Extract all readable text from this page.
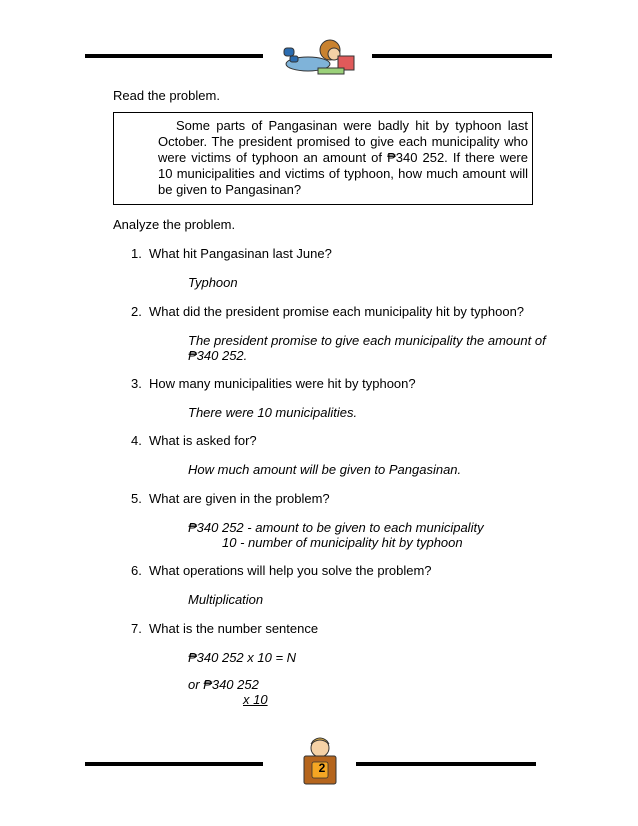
Read the problem.
Some parts of Pangasinan were badly hit by typhoon last October. The president promised to give each municipality who were victims of typhoon an amount of ₱340 252. If there were 10 municipalities and victims of typhoon, how much amount will be given to Pangasinan?
Analyze the problem.
1. What hit Pangasinan last June?
Typhoon
2. What did the president promise each municipality hit by typhoon?
The president promise to give each municipality the amount of
₱340 252.
3. How many municipalities were hit by typhoon?
There were 10 municipalities.
4. What is asked for?
How much amount will be given to Pangasinan.
5. What are given in the problem?
₱340 252 - amount to be given to each municipality
10 - number of municipality hit by typhoon
6. What operations will help you solve the problem?
Multiplication
7. What is the number sentence
₱340 252 x 10 = N
or ₱340 252
x 10
2
